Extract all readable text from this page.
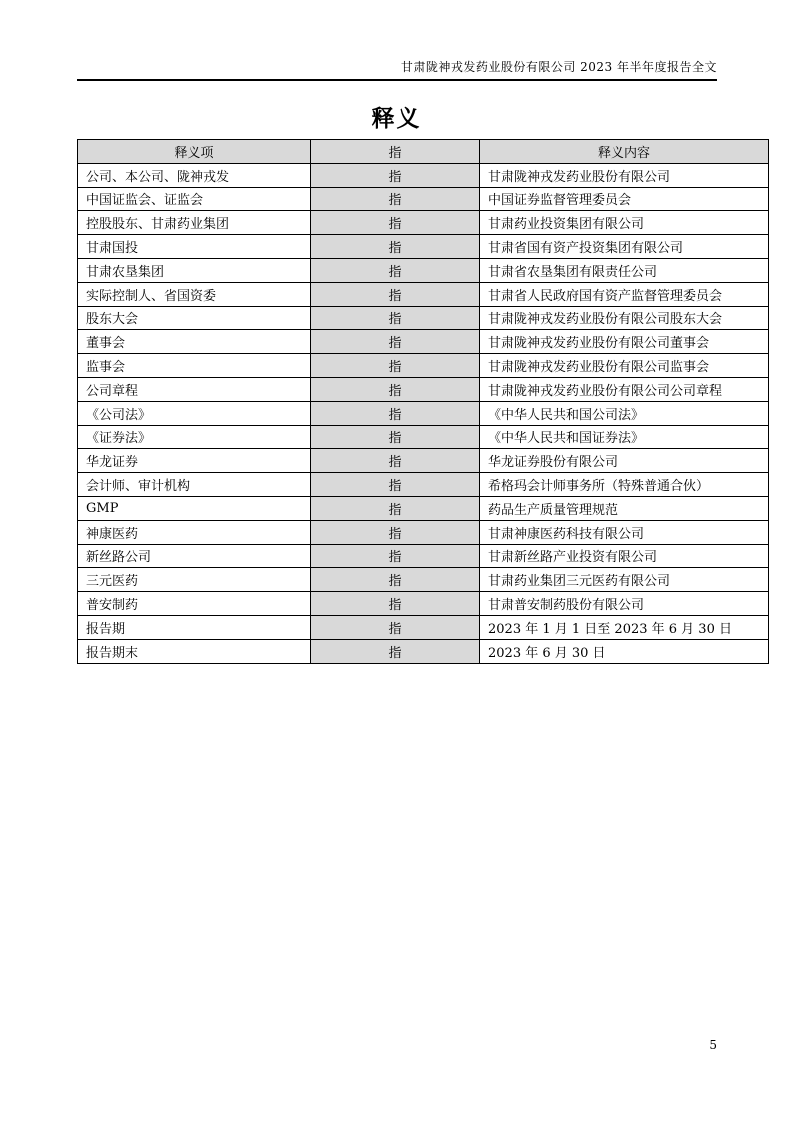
甘肃陇神戎发药业股份有限公司 2023 年半年度报告全文
释义
释义项	指	释义内容
公司、本公司、陇神戎发	指	甘肃陇神戎发药业股份有限公司
中国证监会、证监会	指	中国证券监督管理委员会
控股股东、甘肃药业集团	指	甘肃药业投资集团有限公司
甘肃国投	指	甘肃省国有资产投资集团有限公司
甘肃农垦集团	指	甘肃省农垦集团有限责任公司
实际控制人、省国资委	指	甘肃省人民政府国有资产监督管理委员会
股东大会	指	甘肃陇神戎发药业股份有限公司股东大会
董事会	指	甘肃陇神戎发药业股份有限公司董事会
监事会	指	甘肃陇神戎发药业股份有限公司监事会
公司章程	指	甘肃陇神戎发药业股份有限公司公司章程
《公司法》	指	《中华人民共和国公司法》
《证券法》	指	《中华人民共和国证券法》
华龙证券	指	华龙证券股份有限公司
会计师、审计机构	指	希格玛会计师事务所（特殊普通合伙）
GMP	指	药品生产质量管理规范
神康医药	指	甘肃神康医药科技有限公司
新丝路公司	指	甘肃新丝路产业投资有限公司
三元医药	指	甘肃药业集团三元医药有限公司
普安制药	指	甘肃普安制药股份有限公司
报告期	指	2023 年 1 月 1 日至 2023 年 6 月 30 日
报告期末	指	2023 年 6 月 30 日
5
